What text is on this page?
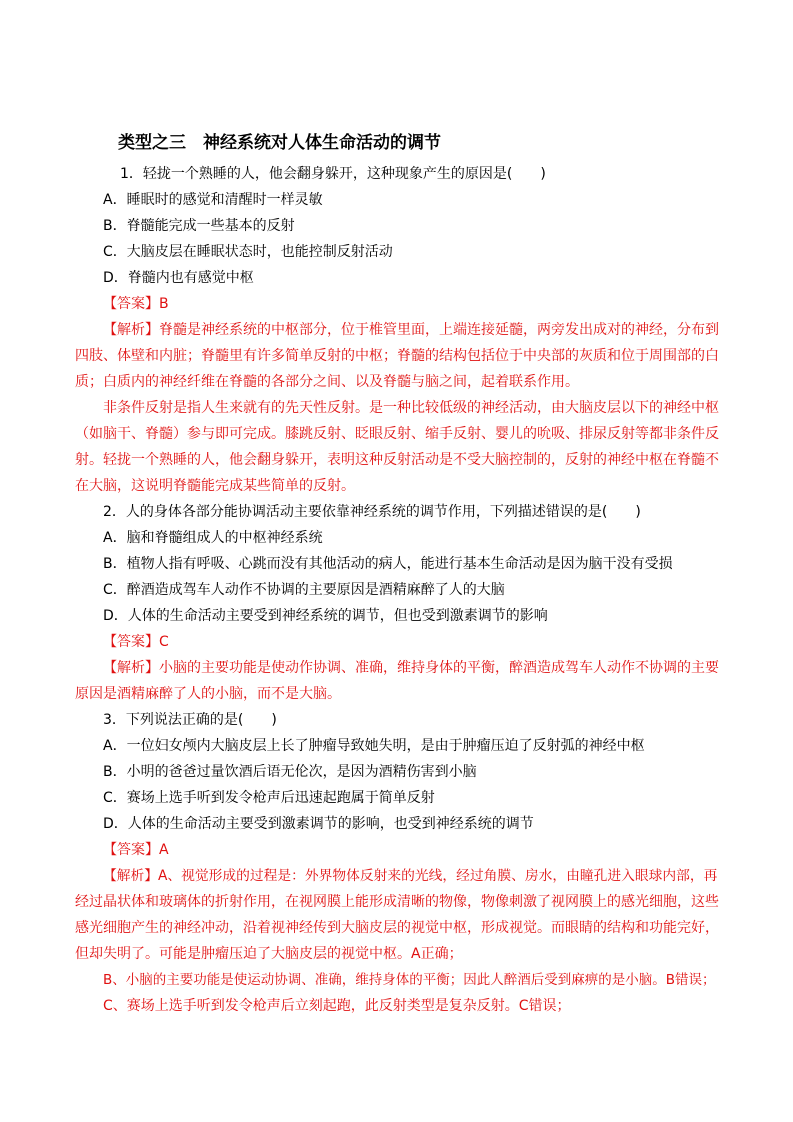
类型之三　神经系统对人体生命活动的调节
1．轻拢一个熟睡的人，他会翻身躲开，这种现象产生的原因是(　　)
A．睡眠时的感觉和清醒时一样灵敏
B．脊髓能完成一些基本的反射
C．大脑皮层在睡眠状态时，也能控制反射活动
D．脊髓内也有感觉中枢
【答案】B
【解析】脊髓是神经系统的中枢部分，位于椎管里面，上端连接延髓，两旁发出成对的神经，分布到
四肢、体壁和内脏；脊髓里有许多简单反射的中枢；脊髓的结构包括位于中央部的灰质和位于周围部的白
质；白质内的神经纤维在脊髓的各部分之间、以及脊髓与脑之间，起着联系作用。
非条件反射是指人生来就有的先天性反射。是一种比较低级的神经活动，由大脑皮层以下的神经中枢
（如脑干、脊髓）参与即可完成。膝跳反射、眨眼反射、缩手反射、婴儿的吮吸、排尿反射等都非条件反
射。轻拢一个熟睡的人，他会翻身躲开，表明这种反射活动是不受大脑控制的，反射的神经中枢在脊髓不
在大脑，这说明脊髓能完成某些简单的反射。
2．人的身体各部分能协调活动主要依靠神经系统的调节作用，下列描述错误的是(　　)
A．脑和脊髓组成人的中枢神经系统
B．植物人指有呼吸、心跳而没有其他活动的病人，能进行基本生命活动是因为脑干没有受损
C．醉酒造成驾车人动作不协调的主要原因是酒精麻醉了人的大脑
D．人体的生命活动主要受到神经系统的调节，但也受到激素调节的影响
【答案】C
【解析】小脑的主要功能是使动作协调、准确，维持身体的平衡，醉酒造成驾车人动作不协调的主要
原因是酒精麻醉了人的小脑，而不是大脑。
3．下列说法正确的是(　　)
A．一位妇女颅内大脑皮层上长了肿瘤导致她失明，是由于肿瘤压迫了反射弧的神经中枢
B．小明的爸爸过量饮酒后语无伦次，是因为酒精伤害到小脑
C．赛场上选手听到发令枪声后迅速起跑属于简单反射
D．人体的生命活动主要受到激素调节的影响，也受到神经系统的调节
【答案】A
【解析】A、视觉形成的过程是：外界物体反射来的光线，经过角膜、房水，由瞳孔进入眼球内部，再
经过晶状体和玻璃体的折射作用，在视网膜上能形成清晰的物像，物像刺激了视网膜上的感光细胞，这些
感光细胞产生的神经冲动，沿着视神经传到大脑皮层的视觉中枢，形成视觉。而眼睛的结构和功能完好，
但却失明了。可能是肿瘤压迫了大脑皮层的视觉中枢。A正确；
B、小脑的主要功能是使运动协调、准确，维持身体的平衡；因此人醉酒后受到麻痹的是小脑。B错误；
C、赛场上选手听到发令枪声后立刻起跑，此反射类型是复杂反射。C错误；
